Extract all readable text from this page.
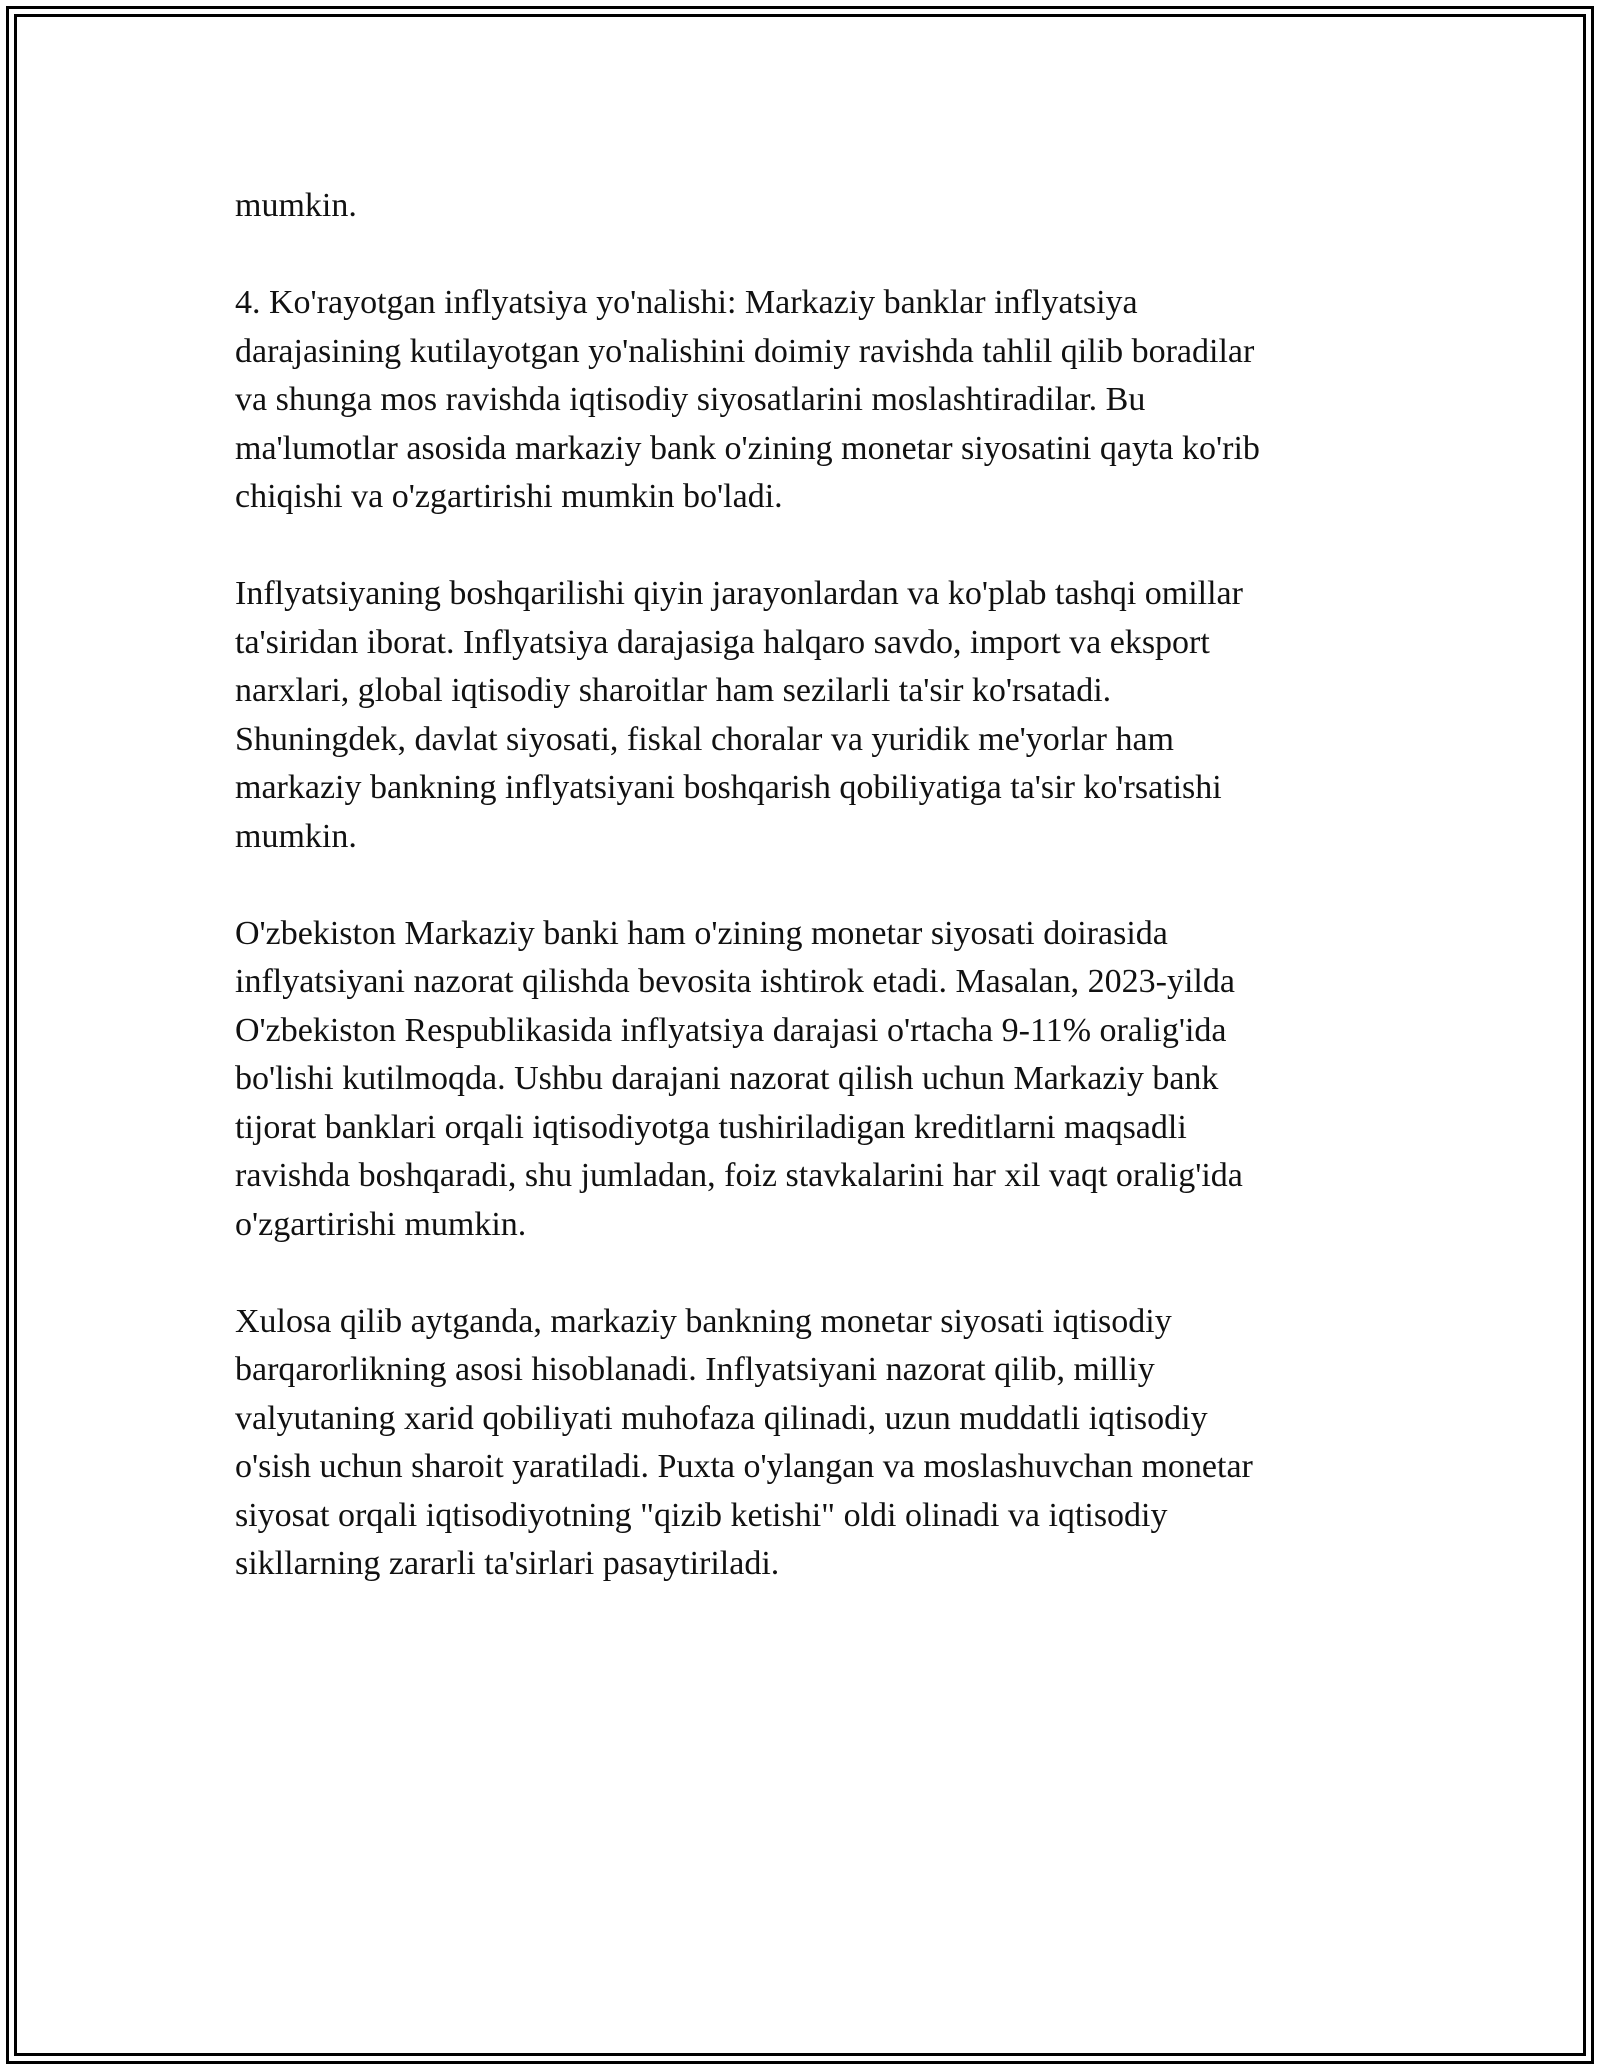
mumkin.

4. Ko'rayotgan inflyatsiya yo'nalishi: Markaziy banklar inflyatsiya
darajasining kutilayotgan yo'nalishini doimiy ravishda tahlil qilib boradilar
va shunga mos ravishda iqtisodiy siyosatlarini moslashtiradilar. Bu
ma'lumotlar asosida markaziy bank o'zining monetar siyosatini qayta ko'rib
chiqishi va o'zgartirishi mumkin bo'ladi.

Inflyatsiyaning boshqarilishi qiyin jarayonlardan va ko'plab tashqi omillar
ta'siridan iborat. Inflyatsiya darajasiga halqaro savdo, import va eksport
narxlari, global iqtisodiy sharoitlar ham sezilarli ta'sir ko'rsatadi.
Shuningdek, davlat siyosati, fiskal choralar va yuridik me'yorlar ham
markaziy bankning inflyatsiyani boshqarish qobiliyatiga ta'sir ko'rsatishi
mumkin.

O'zbekiston Markaziy banki ham o'zining monetar siyosati doirasida
inflyatsiyani nazorat qilishda bevosita ishtirok etadi. Masalan, 2023-yilda
O'zbekiston Respublikasida inflyatsiya darajasi o'rtacha 9-11% oralig'ida
bo'lishi kutilmoqda. Ushbu darajani nazorat qilish uchun Markaziy bank
tijorat banklari orqali iqtisodiyotga tushiriladigan kreditlarni maqsadli
ravishda boshqaradi, shu jumladan, foiz stavkalarini har xil vaqt oralig'ida
o'zgartirishi mumkin.

Xulosa qilib aytganda, markaziy bankning monetar siyosati iqtisodiy
barqarorlikning asosi hisoblanadi. Inflyatsiyani nazorat qilib, milliy
valyutaning xarid qobiliyati muhofaza qilinadi, uzun muddatli iqtisodiy
o'sish uchun sharoit yaratiladi. Puxta o'ylangan va moslashuvchan monetar
siyosat orqali iqtisodiyotning "qizib ketishi" oldi olinadi va iqtisodiy
sikllarning zararli ta'sirlari pasaytiriladi.
